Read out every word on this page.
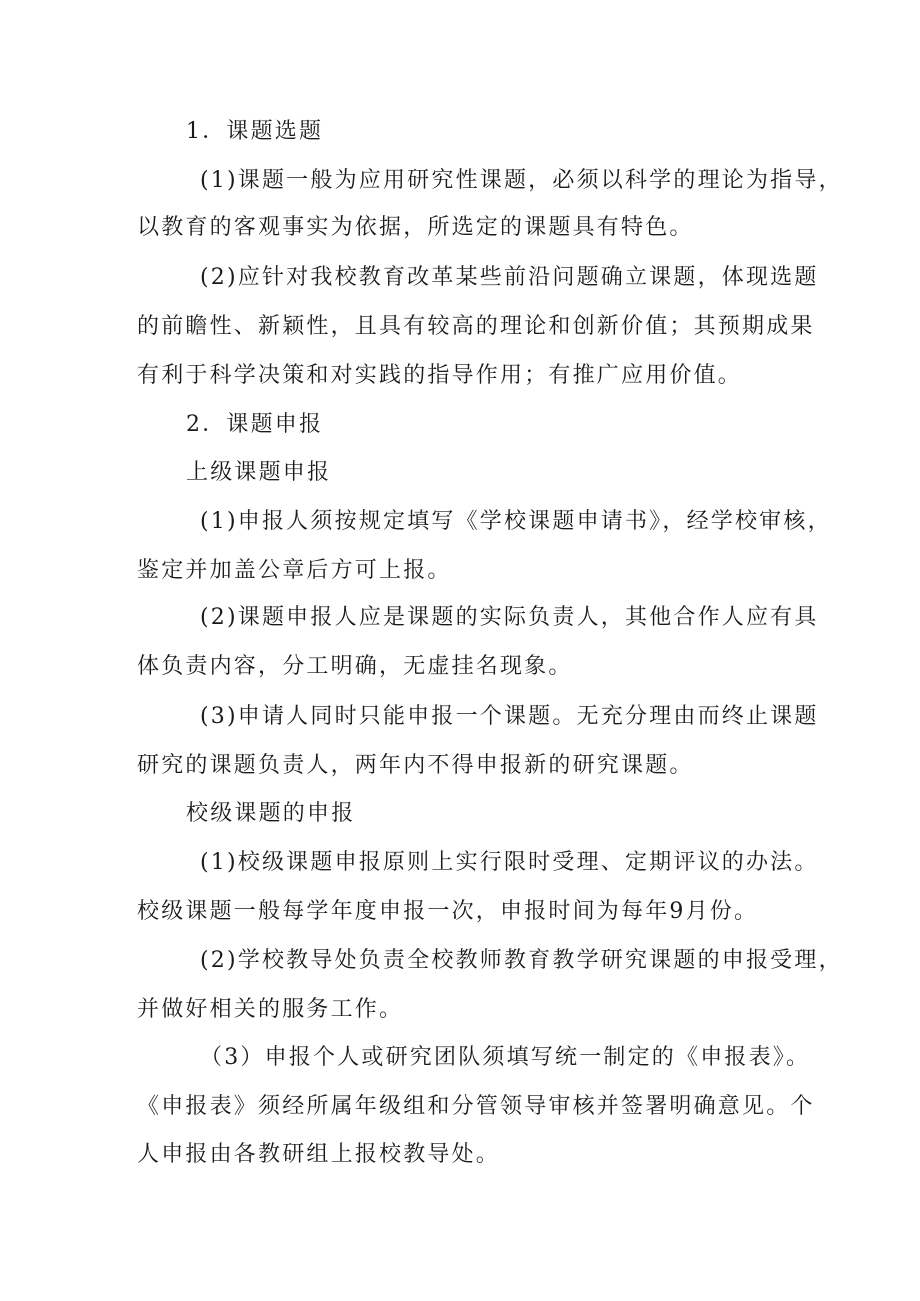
1．课题选题
(1)课题一般为应用研究性课题，必须以科学的理论为指导，
以教育的客观事实为依据，所选定的课题具有特色。
(2)应针对我校教育改革某些前沿问题确立课题，体现选题
的前瞻性、新颖性，且具有较高的理论和创新价值；其预期成果
有利于科学决策和对实践的指导作用；有推广应用价值。
2．课题申报
上级课题申报
(1)申报人须按规定填写《学校课题申请书》，经学校审核，
鉴定并加盖公章后方可上报。
(2)课题申报人应是课题的实际负责人，其他合作人应有具
体负责内容，分工明确，无虚挂名现象。
(3)申请人同时只能申报一个课题。无充分理由而终止课题
研究的课题负责人，两年内不得申报新的研究课题。
校级课题的申报
(1)校级课题申报原则上实行限时受理、定期评议的办法。
校级课题一般每学年度申报一次，申报时间为每年9月份。
(2)学校教导处负责全校教师教育教学研究课题的申报受理，
并做好相关的服务工作。
（3）申报个人或研究团队须填写统一制定的《申报表》。
《申报表》须经所属年级组和分管领导审核并签署明确意见。个
人申报由各教研组上报校教导处。
